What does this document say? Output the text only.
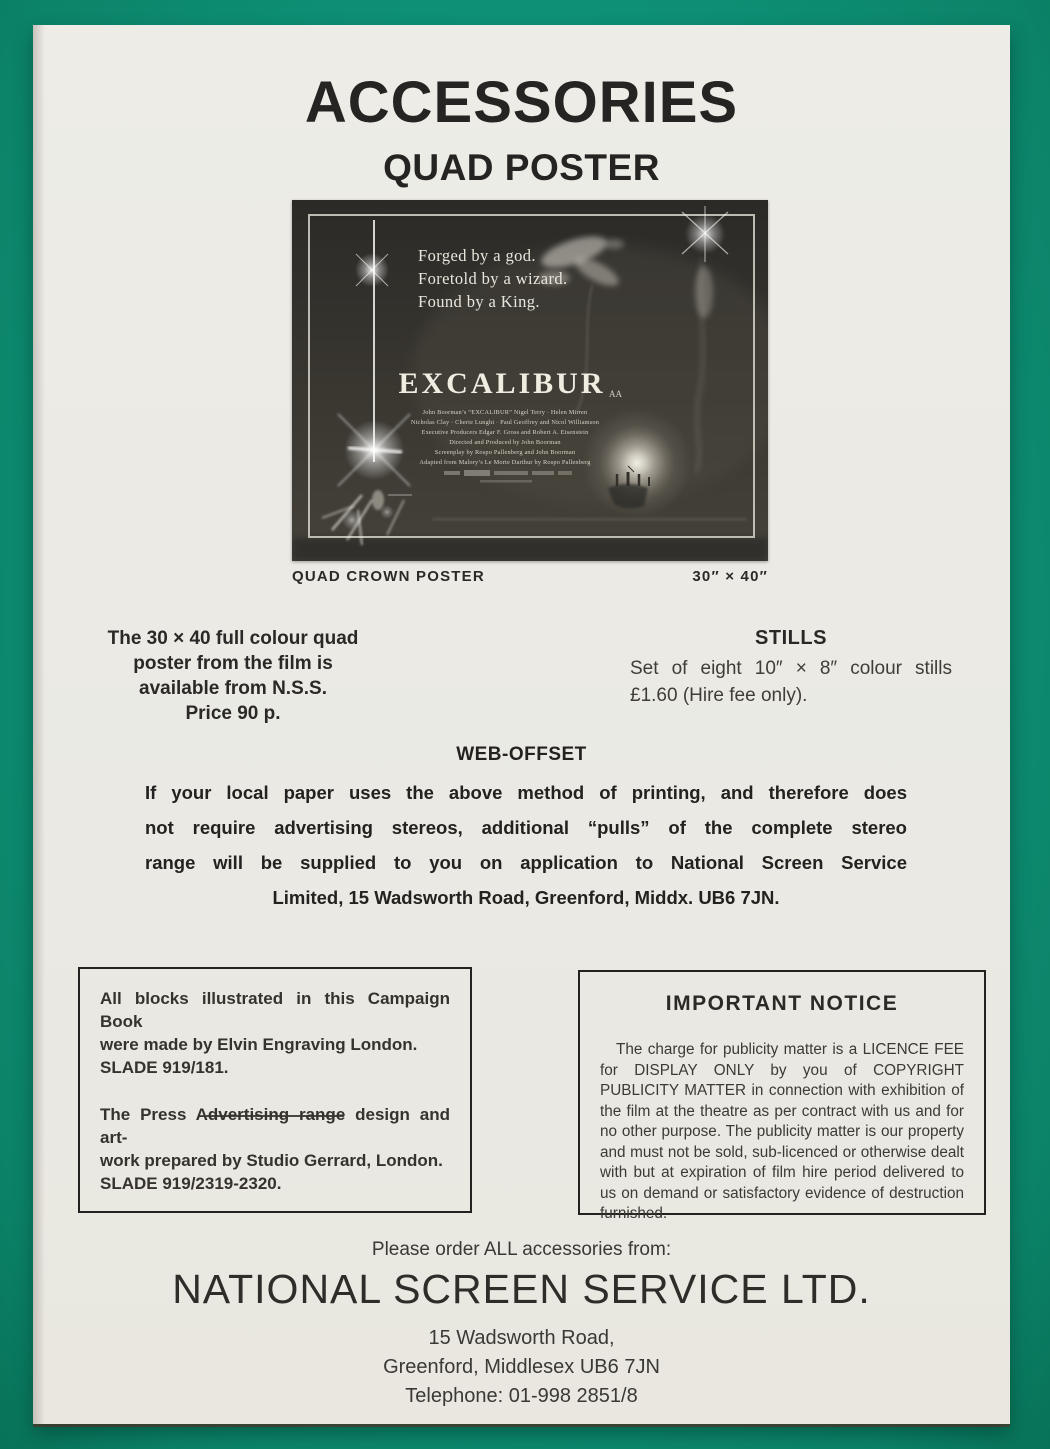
ACCESSORIES
QUAD POSTER
Forged by a god.
Foretold by a wizard.
Found by a King.
EXCALIBUR AA
John Boorman’s “EXCALIBUR” Nigel Terry · Helen Mirren
Nicholas Clay · Cherie Lunghi · Paul Geoffrey and Nicol Williamson
Executive Producers Edgar F. Gross and Robert A. Eisenstein
Directed and Produced by John Boorman
Screenplay by Rospo Pallenberg and John Boorman
Adapted from Malory’s Le Morte Darthur by Rospo Pallenberg
QUAD CROWN POSTER	30″ × 40″
The 30 × 40 full colour quad
poster from the film is
available from N.S.S.
Price 90 p.
STILLS
Set of eight 10″ × 8″ colour stills
£1.60 (Hire fee only).
WEB-OFFSET
If your local paper uses the above method of printing, and therefore does
not require advertising stereos, additional “pulls” of the complete stereo
range will be supplied to you on application to National Screen Service
Limited, 15 Wadsworth Road, Greenford, Middx. UB6 7JN.
All blocks illustrated in this Campaign Book
were made by Elvin Engraving London.
SLADE 919/181.
The Press Advertising range design and art-
work prepared by Studio Gerrard, London.
SLADE 919/2319-2320.
IMPORTANT NOTICE
The charge for publicity matter is a LICENCE FEE for DISPLAY ONLY by you of COPYRIGHT PUBLICITY MATTER in connection with exhibition of the film at the theatre as per contract with us and for no other purpose. The publicity matter is our property and must not be sold, sub-licenced or otherwise dealt with but at expiration of film hire period delivered to us on demand or satisfactory evidence of destruction furnished.
Please order ALL accessories from:
NATIONAL SCREEN SERVICE LTD.
15 Wadsworth Road,
Greenford, Middlesex UB6 7JN
Telephone: 01-998 2851/8
